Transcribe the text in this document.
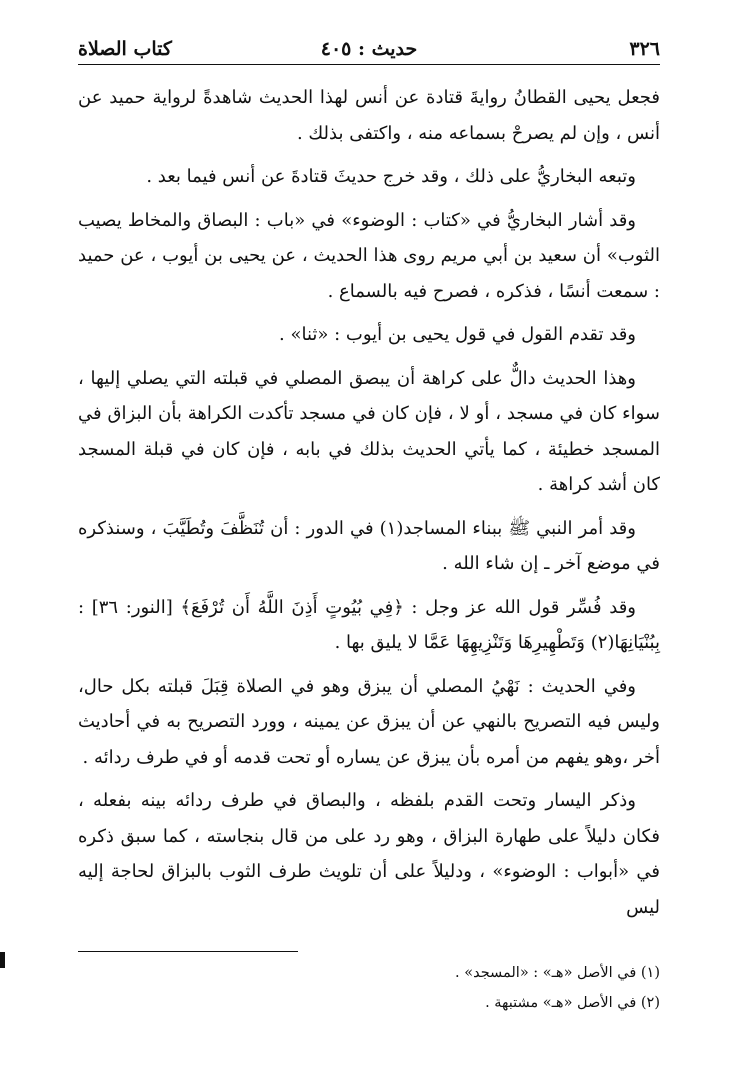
٣٢٦
حديث : ٤٠٥
كتاب الصلاة

فجعل يحيى القطانُ روايةَ قتادة عن أنس لهذا الحديث شاهدةً لرواية حميد عن أنس ، وإن لم يصرحْ بسماعه منه ، واكتفى بذلك .

وتبعه البخاريُّ على ذلك ، وقد خرج حديثَ قتادةَ عن أنس فيما بعد .

وقد أشار البخاريُّ في «كتاب : الوضوء» في «باب : البصاق والمخاط يصيب الثوب» أن سعيد بن أبي مريم روى هذا الحديث ، عن يحيى بن أيوب ، عن حميد : سمعت أنسًا ، فذكره ، فصرح فيه بالسماع .

وقد تقدم القول في قول يحيى بن أيوب : «ثنا» .

وهذا الحديث دالٌّ على كراهة أن يبصق المصلي في قبلته التي يصلي إليها ، سواء كان في مسجد ، أو لا ، فإن كان في مسجد تأكدت الكراهة بأن البزاق في المسجد خطيئة ، كما يأتي الحديث بذلك في بابه ، فإن كان في قبلة المسجد كان أشد كراهة .

وقد أمر النبي ﷺ ببناء المساجد(١) في الدور : أن تُنَظَّفَ وتُطَيَّبَ ، وسنذكره في موضع آخر ـ إن شاء الله .

وقد فُسِّر قول الله عز وجل : ﴿فِي بُيُوتٍ أَذِنَ اللَّهُ أَن تُرْفَعَ﴾ [النور: ٣٦] : بِبُنْيَانِهَا(٢) وَتَطْهِيرِهَا وَتَنْزِيهِهَا عَمَّا لا يليق بها .

وفي الحديث : نَهْيُ المصلي أن يبزق وهو في الصلاة قِبَلَ قبلته بكل حال، وليس فيه التصريح بالنهي عن أن يبزق عن يمينه ، وورد التصريح به في أحاديث أخر ،وهو يفهم من أمره بأن يبزق عن يساره أو تحت قدمه أو في طرف ردائه .

وذكر اليسار وتحت القدم بلفظه ، والبصاق في طرف ردائه بينه بفعله ، فكان دليلاً على طهارة البزاق ، وهو رد على من قال بنجاسته ، كما سبق ذكره في «أبواب : الوضوء» ، ودليلاً على أن تلويث طرف الثوب بالبزاق لحاجة إليه ليس

(١) في الأصل «هـ» : «المسجد» .
(٢) في الأصل «هـ» مشتبهة .
